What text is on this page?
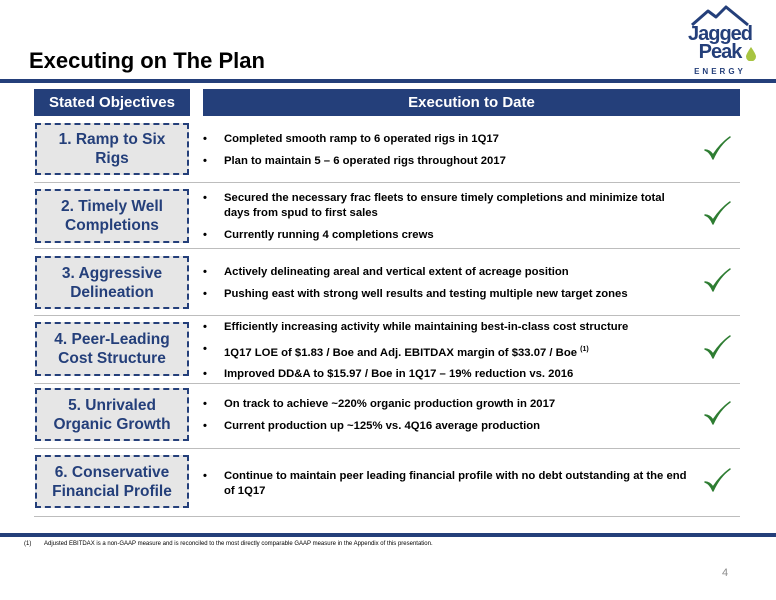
Executing on The Plan
Jagged
Peak
ENERGY
Stated Objectives	Execution to Date
1. Ramp to Six
Rigs
•	Completed smooth ramp to 6 operated rigs in 1Q17
•	Plan to maintain 5 – 6 operated rigs throughout 2017
2. Timely Well
Completions
•	Secured the necessary frac fleets to ensure timely completions and minimize total days from spud to first sales
•	Currently running 4 completions crews
3. Aggressive
Delineation
•	Actively delineating areal and vertical extent of acreage position
•	Pushing east with strong well results and testing multiple new target zones
4. Peer-Leading
Cost Structure
•	Efficiently increasing activity while maintaining best-in-class cost structure
•	1Q17 LOE of $1.83 / Boe and Adj. EBITDAX margin of $33.07 / Boe $^{(1)}$
•	Improved DD&A to $15.97 / Boe in 1Q17 – 19% reduction vs. 2016
5. Unrivaled
Organic Growth
•	On track to achieve ~220% organic production growth in 2017
•	Current production up ~125% vs. 4Q16 average production
6. Conservative
Financial Profile
•	Continue to maintain peer leading financial profile with no debt outstanding at the end of 1Q17
(1) Adjusted EBITDAX is a non-GAAP measure and is reconciled to the most directly comparable GAAP measure in the Appendix of this presentation.
4
